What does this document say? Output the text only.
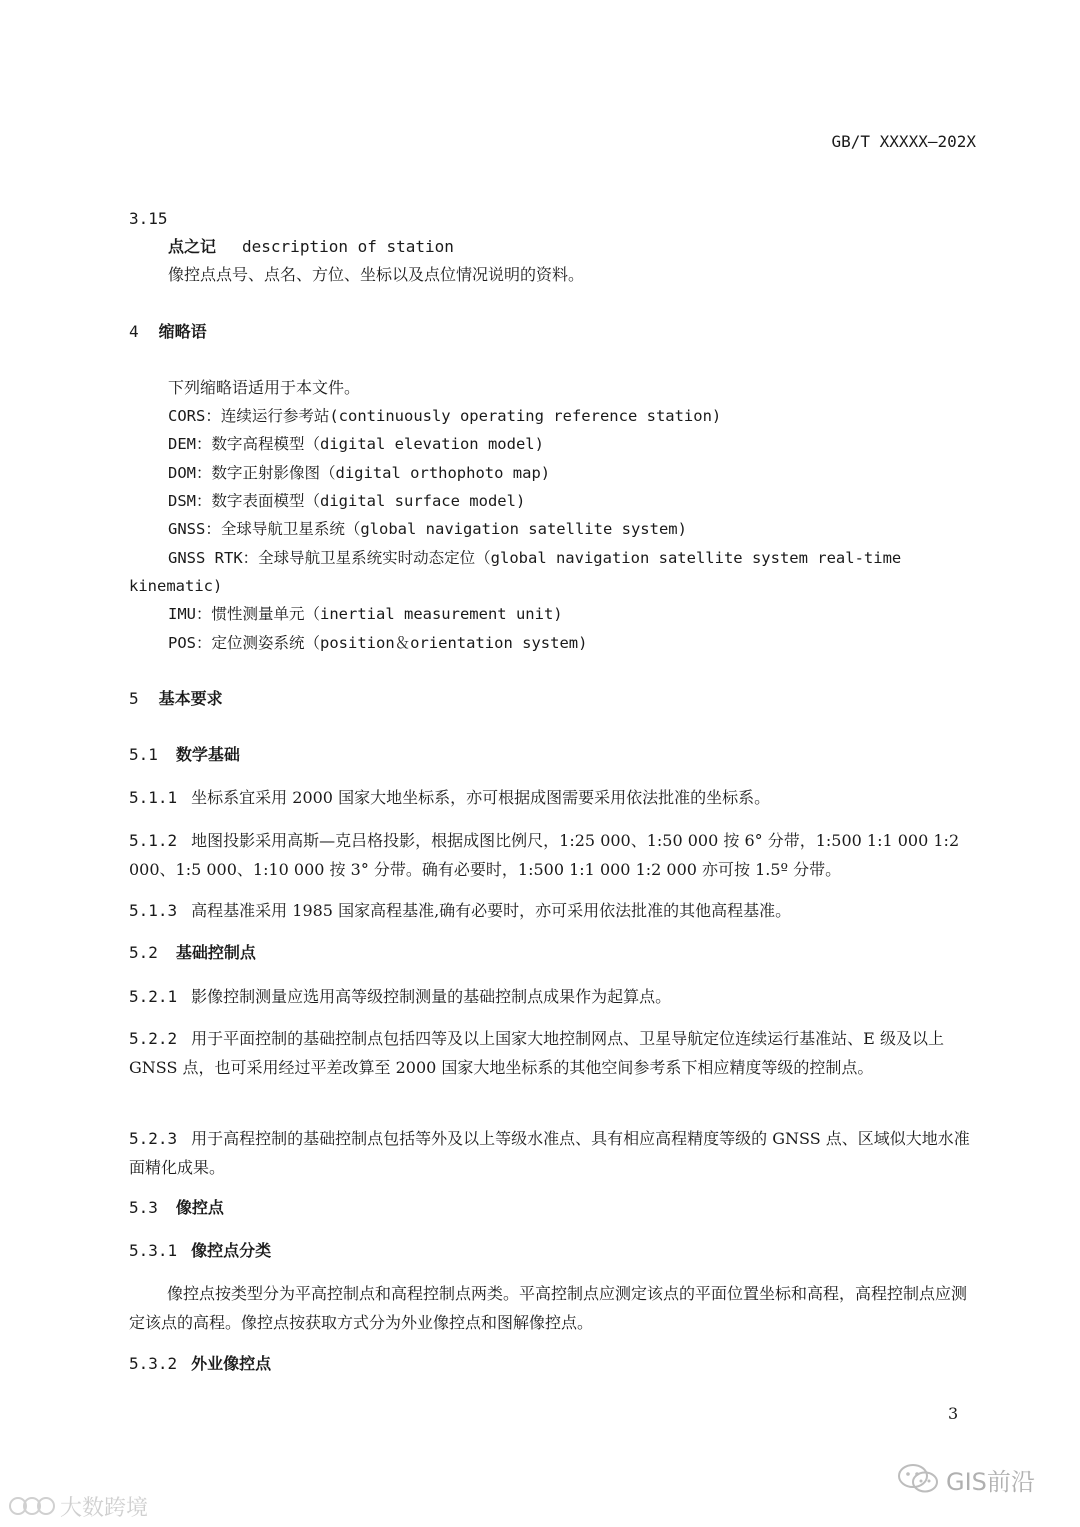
GB/T XXXXX—202X
3.15
点之记 description of station
像控点点号、点名、方位、坐标以及点位情况说明的资料。
4 缩略语
下列缩略语适用于本文件。
CORS：连续运行参考站(continuously operating reference station)
DEM：数字高程模型（digital elevation model)
DOM：数字正射影像图（digital orthophoto map)
DSM：数字表面模型（digital surface model)
GNSS：全球导航卫星系统（global navigation satellite system)
GNSS RTK：全球导航卫星系统实时动态定位（global navigation satellite system real-time
kinematic)
IMU：惯性测量单元（inertial measurement unit)
POS：定位测姿系统（position＆orientation system)
5 基本要求
5.1 数学基础
5.1.1 坐标系宜采用 2000 国家大地坐标系，亦可根据成图需要采用依法批准的坐标系。
5.1.2 地图投影采用高斯—克吕格投影，根据成图比例尺，1:25 000、1:50 000 按 6° 分带，1:500 1:1 000 1:2 000、1:5 000、1:10 000 按 3° 分带。确有必要时，1:500 1:1 000 1:2 000 亦可按 1.5º 分带。
5.1.3 高程基准采用 1985 国家高程基准,确有必要时，亦可采用依法批准的其他高程基准。
5.2 基础控制点
5.2.1 影像控制测量应选用高等级控制测量的基础控制点成果作为起算点。
5.2.2 用于平面控制的基础控制点包括四等及以上国家大地控制网点、卫星导航定位连续运行基准站、E 级及以上 GNSS 点，也可采用经过平差改算至 2000 国家大地坐标系的其他空间参考系下相应精度等级的控制点。
5.2.3 用于高程控制的基础控制点包括等外及以上等级水准点、具有相应高程精度等级的 GNSS 点、区域似大地水准面精化成果。
5.3 像控点
5.3.1 像控点分类
像控点按类型分为平高控制点和高程控制点两类。平高控制点应测定该点的平面位置坐标和高程，高程控制点应测定该点的高程。像控点按获取方式分为外业像控点和图解像控点。
5.3.2 外业像控点
3
GIS前沿
大数跨境
